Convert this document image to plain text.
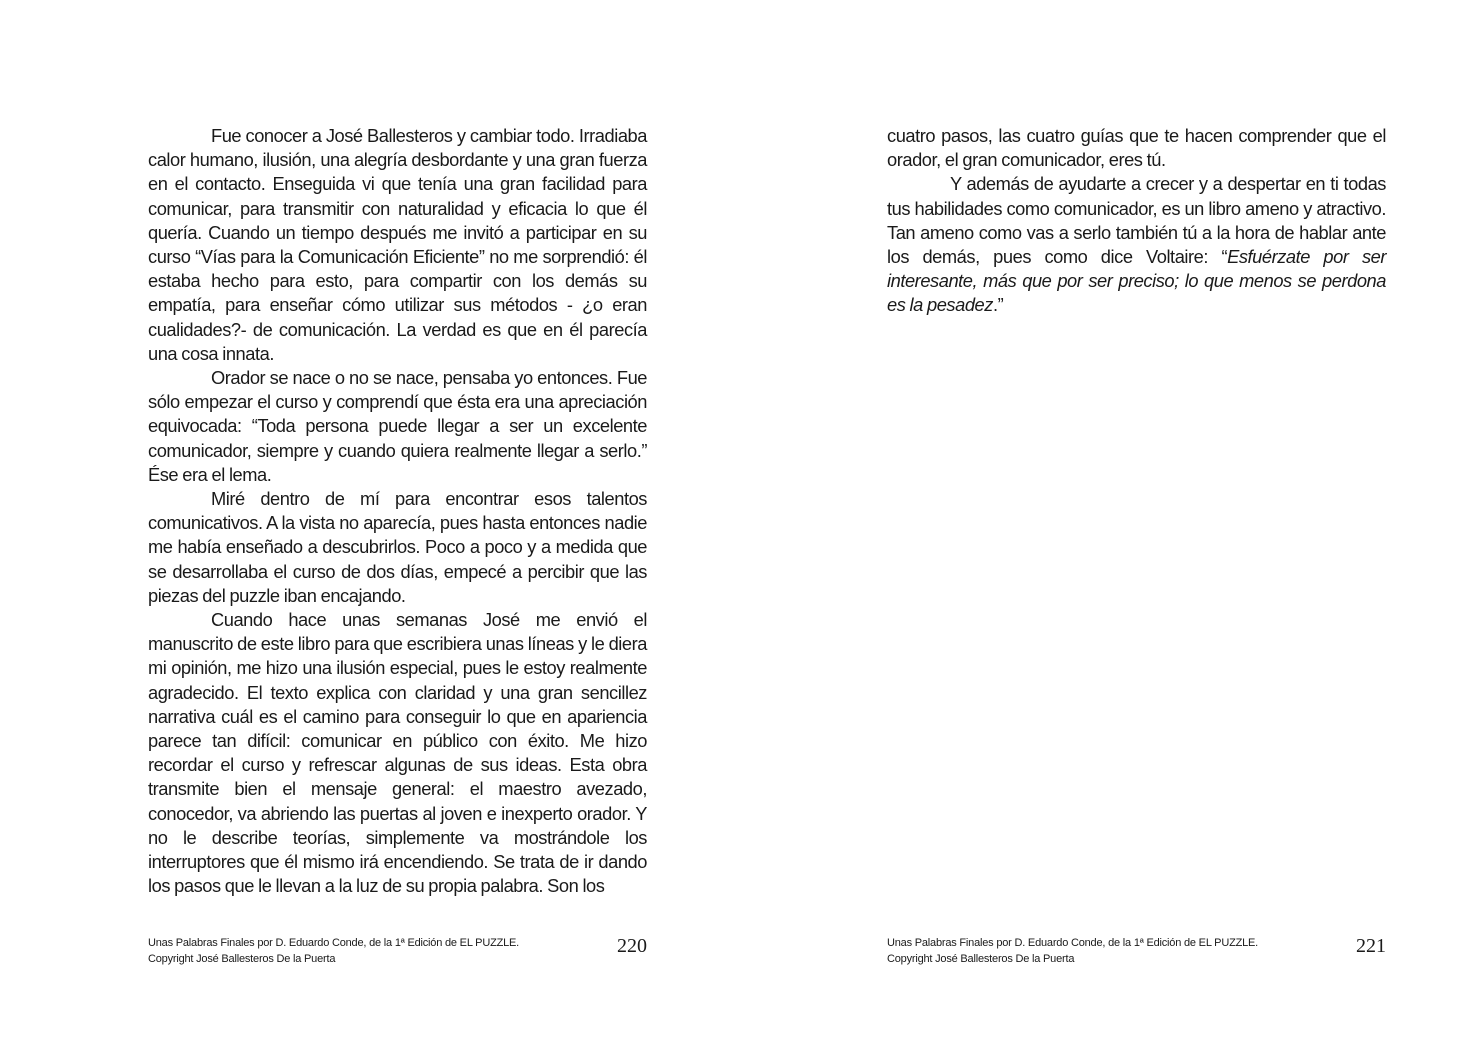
Fue conocer a José Ballesteros y cambiar todo. Irradiaba calor humano, ilusión, una alegría desbordante y una gran fuerza en el contacto. Enseguida vi que tenía una gran facilidad para comunicar, para transmitir con naturalidad y eficacia lo que él quería. Cuando un tiempo después me invitó a participar en su curso “Vías para la Comunicación Eficiente” no me sorprendió: él estaba hecho para esto, para compartir con los demás su empatía, para enseñar cómo utilizar sus métodos - ¿o eran cualidades?- de comunicación. La verdad es que en él parecía una cosa innata.

Orador se nace o no se nace, pensaba yo entonces. Fue sólo empezar el curso y comprendí que ésta era una apreciación equivocada: “Toda persona puede llegar a ser un excelente comunicador, siempre y cuando quiera realmente llegar a serlo.” Ése era el lema.

Miré dentro de mí para encontrar esos talentos comunicativos. A la vista no aparecía, pues hasta entonces nadie me había enseñado a descubrirlos. Poco a poco y a medida que se desarrollaba el curso de dos días, empecé a percibir que las piezas del puzzle iban encajando.

Cuando hace unas semanas José me envió el manuscrito de este libro para que escribiera unas líneas y le diera mi opinión, me hizo una ilusión especial, pues le estoy realmente agradecido. El texto explica con claridad y una gran sencillez narrativa cuál es el camino para conseguir lo que en apariencia parece tan difícil: comunicar en público con éxito. Me hizo recordar el curso y refrescar algunas de sus ideas. Esta obra transmite bien el mensaje general: el maestro avezado, conocedor, va abriendo las puertas al joven e inexperto orador. Y no le describe teorías, simplemente va mostrándole los interruptores que él mismo irá encendiendo. Se trata de ir dando los pasos que le llevan a la luz de su propia palabra. Son los

Unas Palabras Finales por D. Eduardo Conde, de la 1ª Edición de EL PUZZLE.
Copyright José Ballesteros De la Puerta
220

cuatro pasos, las cuatro guías que te hacen comprender que el orador, el gran comunicador, eres tú.

Y además de ayudarte a crecer y a despertar en ti todas tus habilidades como comunicador, es un libro ameno y atractivo. Tan ameno como vas a serlo también tú a la hora de hablar ante los demás, pues como dice Voltaire: “Esfuérzate por ser interesante, más que por ser preciso; lo que menos se perdona es la pesadez.”

Unas Palabras Finales por D. Eduardo Conde, de la 1ª Edición de EL PUZZLE.
Copyright José Ballesteros De la Puerta
221
